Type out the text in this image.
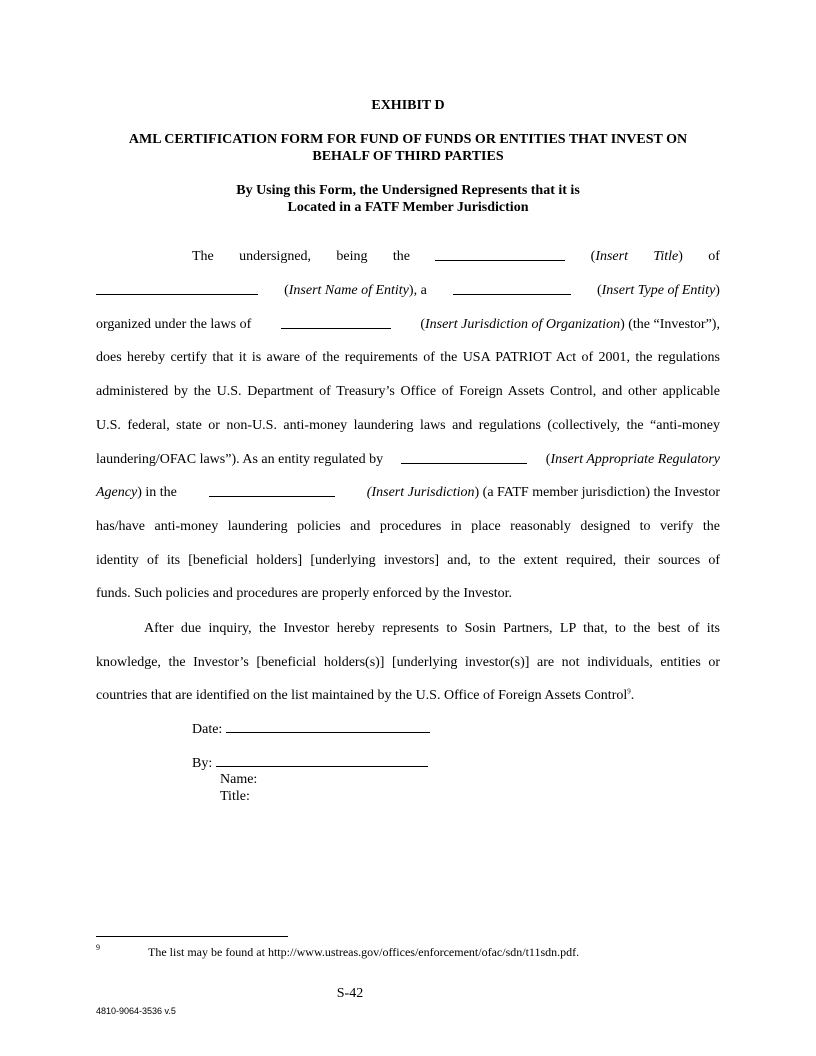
EXHIBIT D
AML CERTIFICATION FORM FOR FUND OF FUNDS OR ENTITIES THAT INVEST ON
BEHALF OF THIRD PARTIES
By Using this Form, the Undersigned Represents that it is
Located in a FATF Member Jurisdiction
The undersigned, being the	(Insert Title) of
(Insert Name of Entity), a	(Insert Type of Entity)
organized under the laws of	(Insert Jurisdiction of Organization) (the “Investor”),
does hereby certify that it is aware of the requirements of the USA PATRIOT Act of 2001, the regulations
administered by the U.S. Department of Treasury’s Office of Foreign Assets Control, and other applicable
U.S. federal, state or non-U.S. anti-money laundering laws and regulations (collectively, the “anti-money
laundering/OFAC laws”). As an entity regulated by	(Insert Appropriate Regulatory
Agency) in the	(Insert Jurisdiction) (a FATF member jurisdiction) the Investor
has/have anti-money laundering policies and procedures in place reasonably designed to verify the
identity of its [beneficial holders] [underlying investors] and, to the extent required, their sources of
funds. Such policies and procedures are properly enforced by the Investor.
After due inquiry, the Investor hereby represents to Sosin Partners, LP that, to the best of its
knowledge, the Investor’s [beneficial holders(s)] [underlying investor(s)] are not individuals, entities or
countries that are identified on the list maintained by the U.S. Office of Foreign Assets Control$^9$.
Date:
By:
Name:
Title:
9	The list may be found at http://www.ustreas.gov/offices/enforcement/ofac/sdn/t11sdn.pdf.
S-42
4810-9064-3536 v.5
